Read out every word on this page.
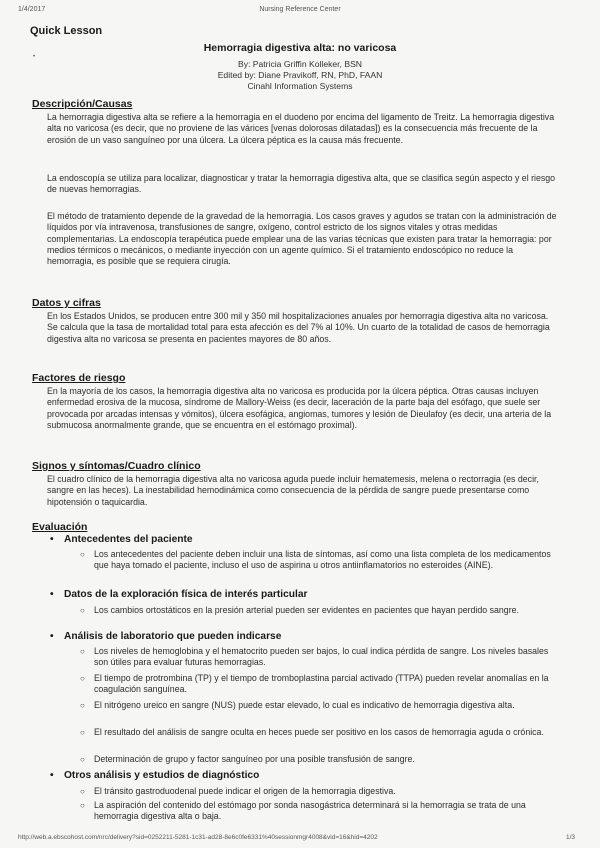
1/4/2017	Nursing Reference Center
Quick Lesson
•
Hemorragia digestiva alta: no varicosa
By: Patricia Griffin Kolleker, BSN
Edited by: Diane Pravikoff, RN, PhD, FAAN
Cinahl Information Systems
Descripción/Causas

La hemorragia digestiva alta se refiere a la hemorragia en el duodeno por encima del ligamento de Treitz. La hemorragia digestiva alta no varicosa (es decir, que no proviene de las várices [venas dolorosas dilatadas]) es la consecuencia más frecuente de la erosión de un vaso sanguíneo por una úlcera. La úlcera péptica es la causa más frecuente.

La endoscopía se utiliza para localizar, diagnosticar y tratar la hemorragia digestiva alta, que se clasifica según aspecto y el riesgo de nuevas hemorragias.

El método de tratamiento depende de la gravedad de la hemorragia. Los casos graves y agudos se tratan con la administración de líquidos por vía intravenosa, transfusiones de sangre, oxígeno, control estricto de los signos vitales y otras medidas complementarias. La endoscopía terapéutica puede emplear una de las varias técnicas que existen para tratar la hemorragia: por medios térmicos o mecánicos, o mediante inyección con un agente químico. Si el tratamiento endoscópico no reduce la hemorragia, es posible que se requiera cirugía.

Datos y cifras

En los Estados Unidos, se producen entre 300 mil y 350 mil hospitalizaciones anuales por hemorragia digestiva alta no varicosa. Se calcula que la tasa de mortalidad total para esta afección es del 7% al 10%. Un cuarto de la totalidad de casos de hemorragia digestiva alta no varicosa se presenta en pacientes mayores de 80 años.

Factores de riesgo

En la mayoría de los casos, la hemorragia digestiva alta no varicosa es producida por la úlcera péptica. Otras causas incluyen enfermedad erosiva de la mucosa, síndrome de Mallory-Weiss (es decir, laceración de la parte baja del esófago, que suele ser provocada por arcadas intensas y vómitos), úlcera esofágica, angiomas, tumores y lesión de Dieulafoy (es decir, una arteria de la submucosa anormalmente grande, que se encuentra en el estómago proximal).

Signos y síntomas/Cuadro clínico

El cuadro clínico de la hemorragia digestiva alta no varicosa aguda puede incluir hematemesis, melena o rectorragia (es decir, sangre en las heces). La inestabilidad hemodinámica como consecuencia de la pérdida de sangre puede presentarse como hipotensión o taquicardia.

Evaluación
• Antecedentes del paciente
○ Los antecedentes del paciente deben incluir una lista de síntomas, así como una lista completa de los medicamentos que haya tomado el paciente, incluso el uso de aspirina u otros antiinflamatorios no esteroides (AINE).
• Datos de la exploración física de interés particular
○ Los cambios ortostáticos en la presión arterial pueden ser evidentes en pacientes que hayan perdido sangre.
• Análisis de laboratorio que pueden indicarse
○ Los niveles de hemoglobina y el hematocrito pueden ser bajos, lo cual indica pérdida de sangre. Los niveles basales son útiles para evaluar futuras hemorragias.
○ El tiempo de protrombina (TP) y el tiempo de tromboplastina parcial activado (TTPA) pueden revelar anomalías en la coagulación sanguínea.
○ El nitrógeno ureico en sangre (NUS) puede estar elevado, lo cual es indicativo de hemorragia digestiva alta.
○ El resultado del análisis de sangre oculta en heces puede ser positivo en los casos de hemorragia aguda o crónica.
○ Determinación de grupo y factor sanguíneo por una posible transfusión de sangre.
• Otros análisis y estudios de diagnóstico
○ El tránsito gastroduodenal puede indicar el origen de la hemorragia digestiva.
○ La aspiración del contenido del estómago por sonda nasogástrica determinará si la hemorragia se trata de una hemorragia digestiva alta o baja.
http://web.a.ebscohost.com/nrc/delivery?sid=0252211-5281-1c31-ad28-8e6c0fe6331%40sessionmgr4008&vid=16&hid=4202	1/3
